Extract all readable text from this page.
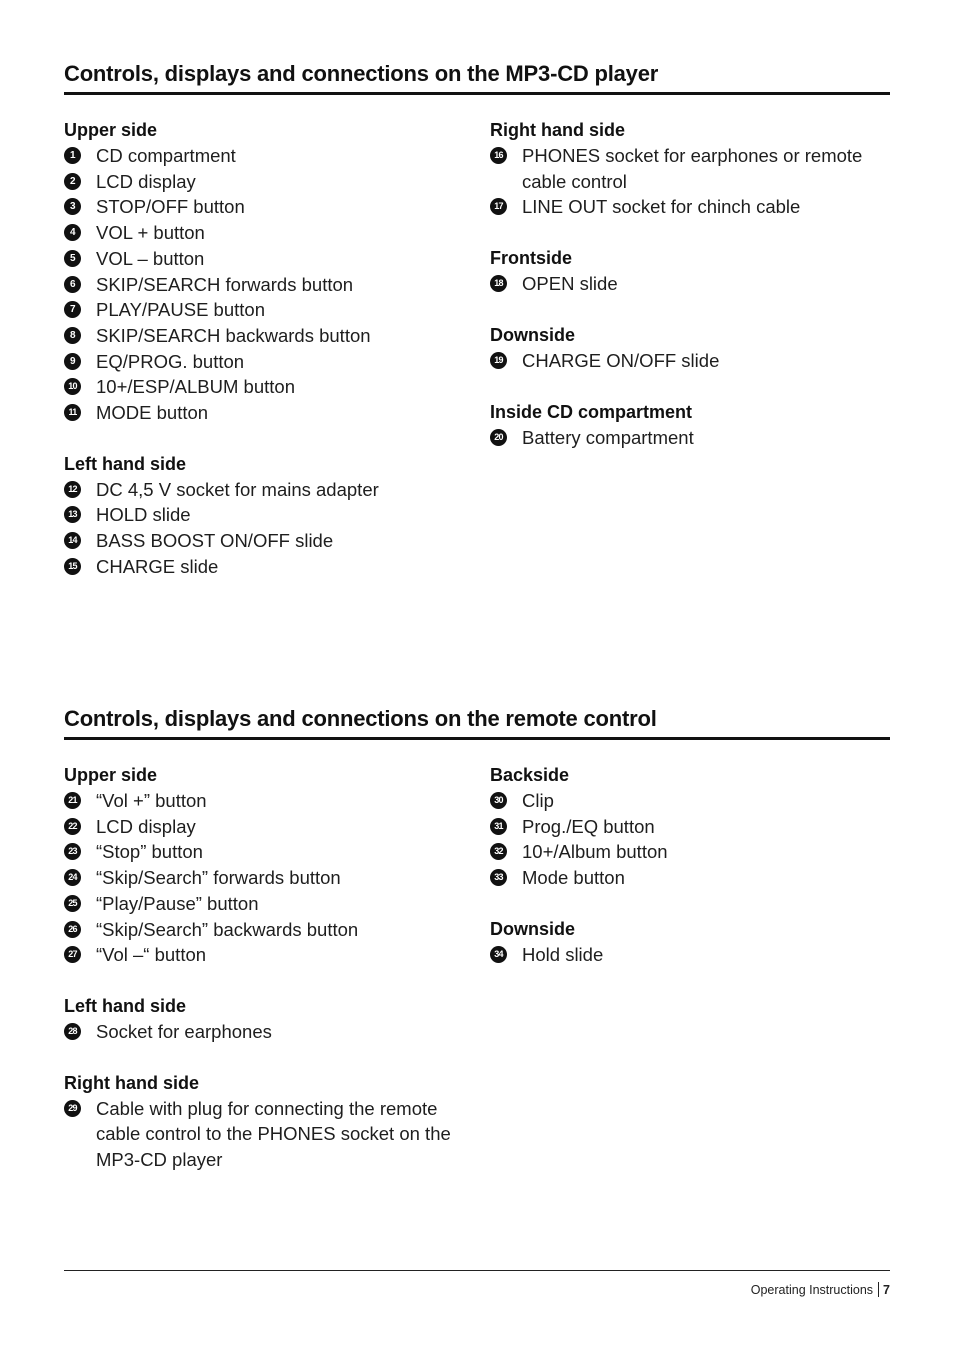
Controls, displays and connections on the MP3-CD player
Upper side
1	CD compartment
2	LCD display
3	STOP/OFF button
4	VOL + button
5	VOL – button
6	SKIP/SEARCH forwards button
7	PLAY/PAUSE button
8	SKIP/SEARCH backwards button
9	EQ/PROG. button
10 10+/ESP/ALBUM button
11 MODE button
Left hand side
12 DC 4,5 V socket for mains adapter
13 HOLD slide
14 BASS BOOST ON/OFF slide
15 CHARGE slide
Right hand side
16 PHONES socket for earphones or remote cable control
17 LINE OUT socket for chinch cable
Frontside
18 OPEN slide
Downside
19 CHARGE ON/OFF slide
Inside CD compartment
20 Battery compartment
Controls, displays and connections on the remote control
Upper side
21 “Vol +” button
22 LCD display
23 “Stop” button
24 “Skip/Search” forwards button
25 “Play/Pause” button
26 “Skip/Search” backwards button
27 “Vol –“ button
Left hand side
28 Socket for earphones
Right hand side
29 Cable with plug for connecting the remote cable control to the PHONES socket on the MP3-CD player
Backside
30 Clip
31 Prog./EQ button
32 10+/Album button
33 Mode button
Downside
34 Hold slide
Operating Instructions 7
